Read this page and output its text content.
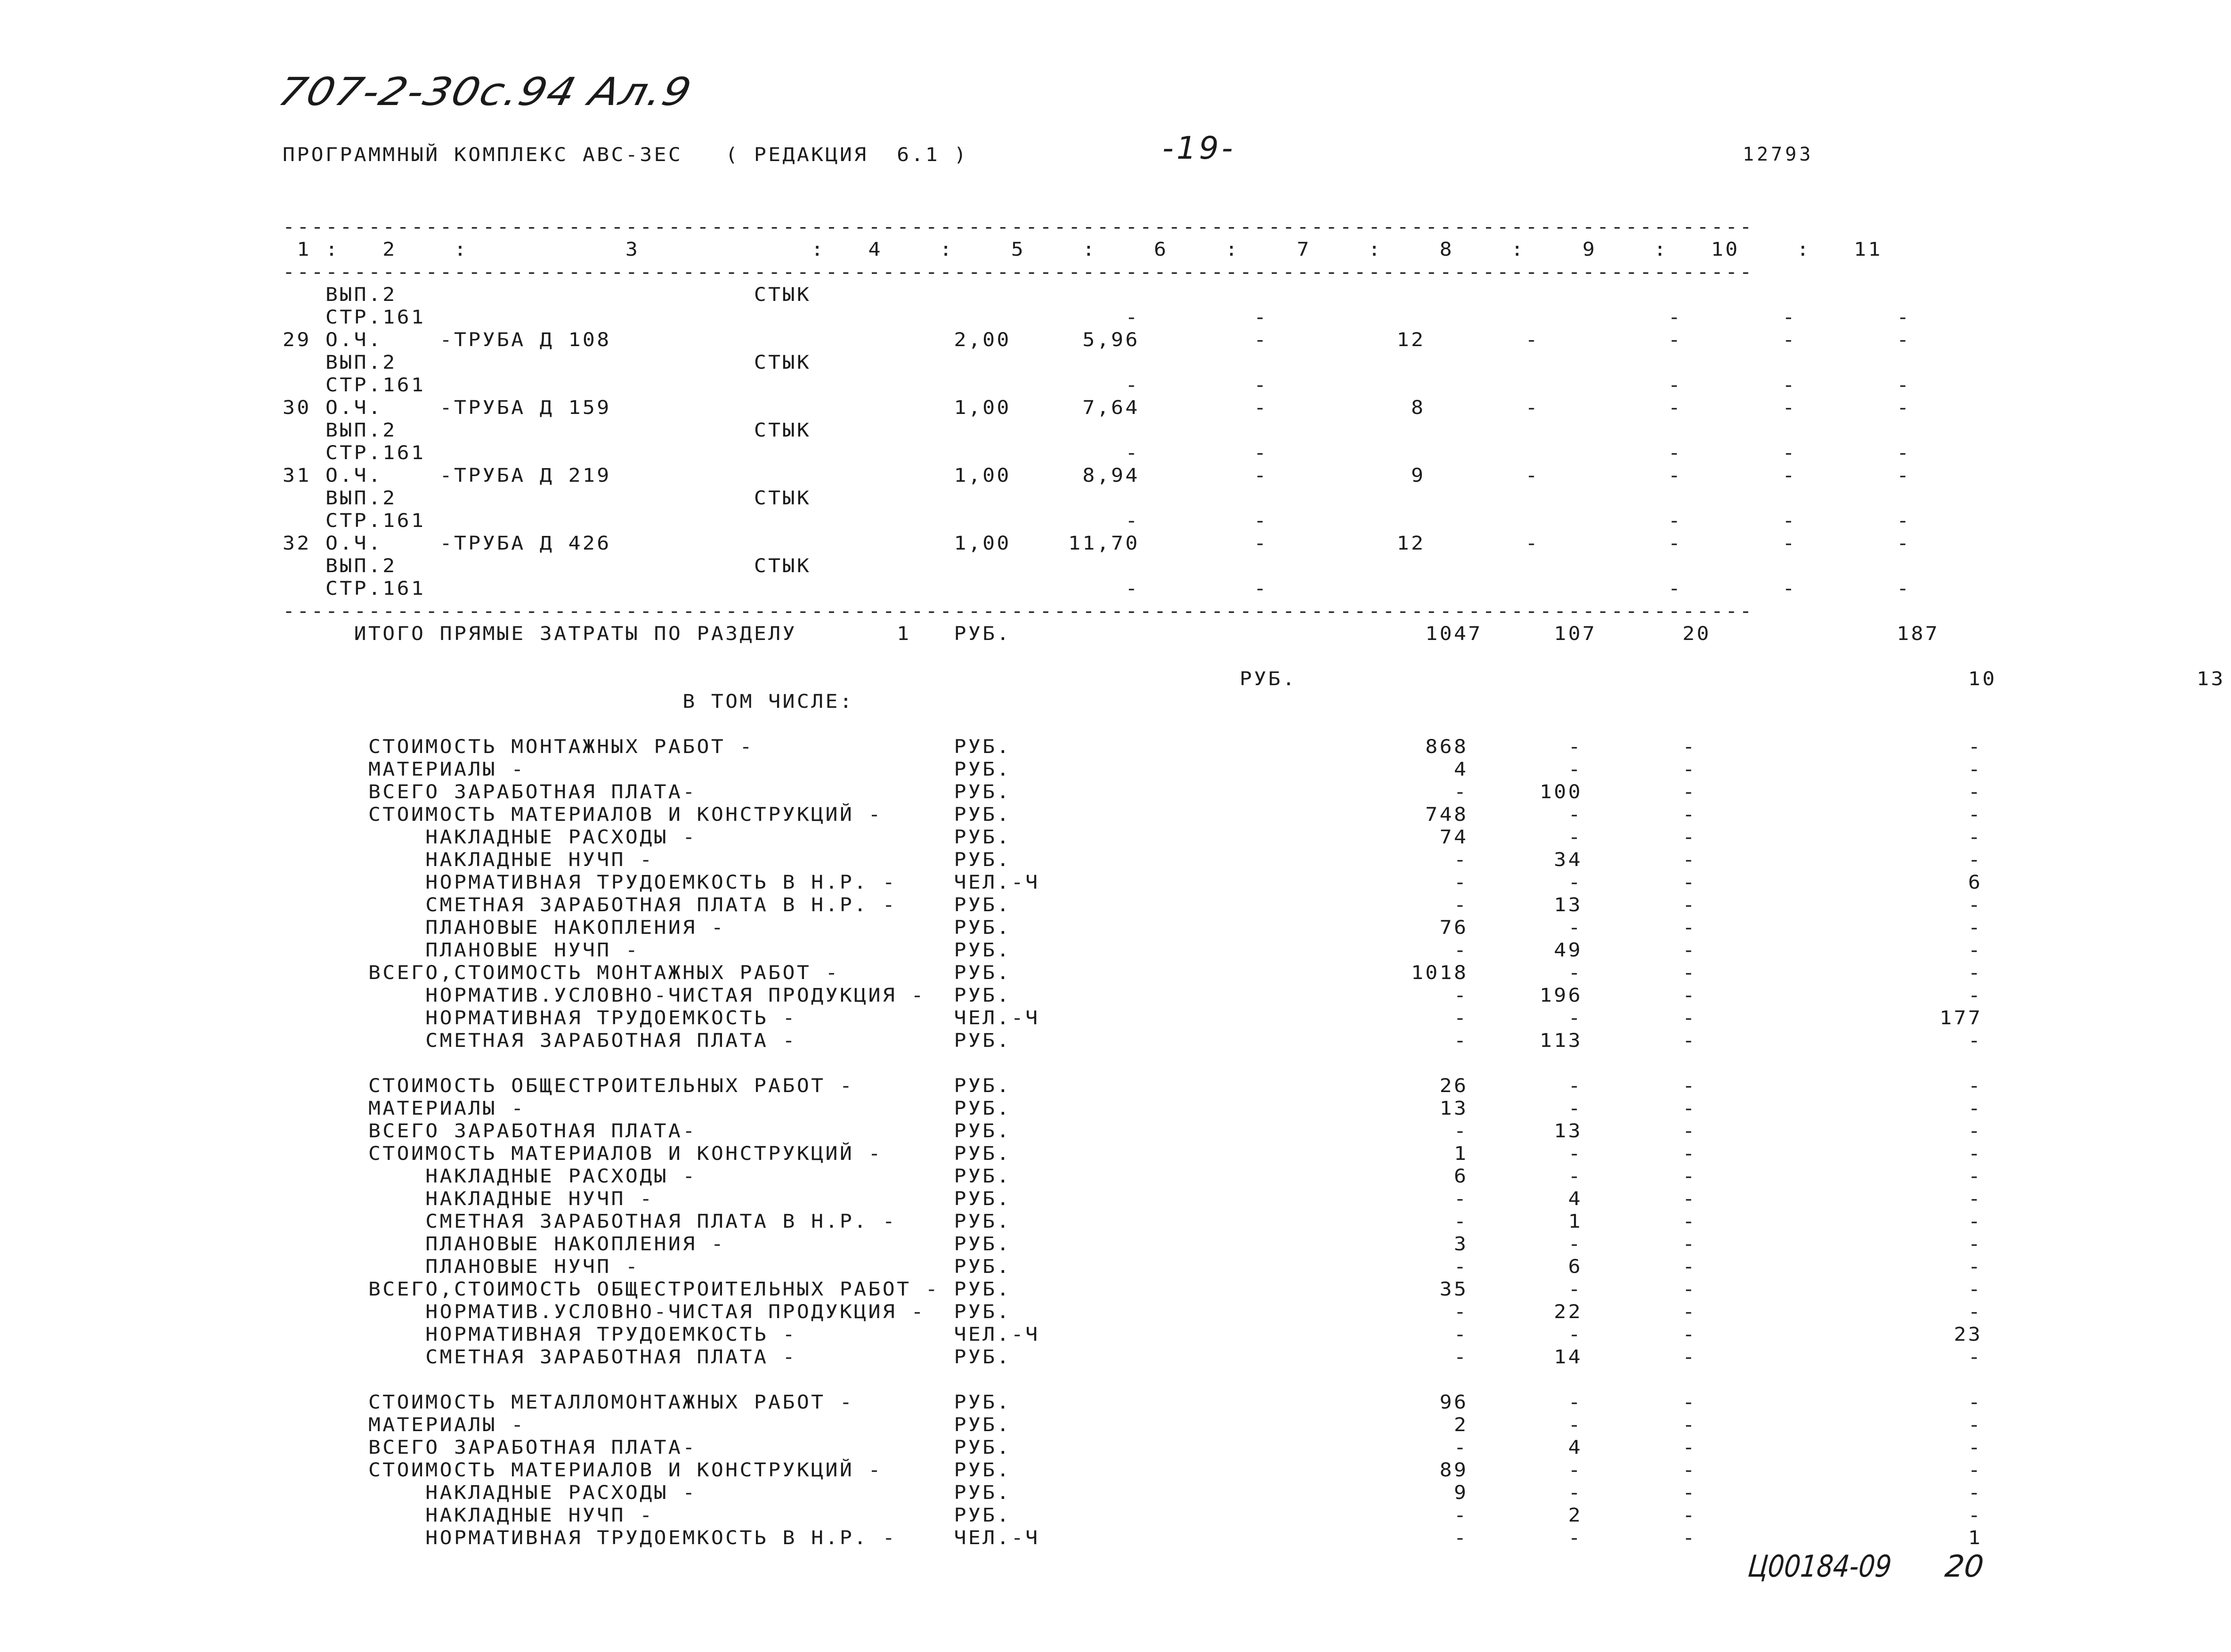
707-2-30с.94 Ал.9
ПРОГРАММНЫЙ КОМПЛЕКС АВС-3ЕС   ( РЕДАКЦИЯ  6.1 )	-19-	12793
-------------------------------------------------------------------------------------------------------
1 :   2    :           3            :   4    :    5    :    6    :    7    :    8    :    9    :   10    :   11
-------------------------------------------------------------------------------------------------------
ВЫП.2                         СТЫК
СТР.161                                                 -        -                            -       -       -
29 О.Ч.    -ТРУБА Д 108                        2,00     5,96        -         12       -         -       -       -
ВЫП.2                         СТЫК
СТР.161                                                 -        -                            -       -       -
30 О.Ч.    -ТРУБА Д 159                        1,00     7,64        -          8       -         -       -       -
ВЫП.2                         СТЫК
СТР.161                                                 -        -                            -       -       -
31 О.Ч.    -ТРУБА Д 219                        1,00     8,94        -          9       -         -       -       -
ВЫП.2                         СТЫК
СТР.161                                                 -        -                            -       -       -
32 О.Ч.    -ТРУБА Д 426                        1,00    11,70        -         12       -         -       -       -
ВЫП.2                         СТЫК
СТР.161                                                 -        -                            -       -       -
-------------------------------------------------------------------------------------------------------
ИТОГО ПРЯМЫЕ ЗАТРАТЫ ПО РАЗДЕЛУ       1   РУБ.                             1047     107      20             187

РУБ.                                               10              13
В ТОМ ЧИСЛЕ:

СТОИМОСТЬ МОНТАЖНЫХ РАБОТ -              РУБ.                             868       -       -                   -
МАТЕРИАЛЫ -                              РУБ.                               4       -       -                   -
ВСЕГО ЗАРАБОТНАЯ ПЛАТА-                  РУБ.                               -     100       -                   -
СТОИМОСТЬ МАТЕРИАЛОВ И КОНСТРУКЦИЙ -     РУБ.                             748       -       -                   -
НАКЛАДНЫЕ РАСХОДЫ -                  РУБ.                              74       -       -                   -
НАКЛАДНЫЕ НУЧП -                     РУБ.                               -      34       -                   -
НОРМАТИВНАЯ ТРУДОЕМКОСТЬ В Н.Р. -    ЧЕЛ.-Ч                             -       -       -                   6
СМЕТНАЯ ЗАРАБОТНАЯ ПЛАТА В Н.Р. -    РУБ.                               -      13       -                   -
ПЛАНОВЫЕ НАКОПЛЕНИЯ -                РУБ.                              76       -       -                   -
ПЛАНОВЫЕ НУЧП -                      РУБ.                               -      49       -                   -
ВСЕГО,СТОИМОСТЬ МОНТАЖНЫХ РАБОТ -        РУБ.                            1018       -       -                   -
НОРМАТИВ.УСЛОВНО-ЧИСТАЯ ПРОДУКЦИЯ -  РУБ.                               -     196       -                   -
НОРМАТИВНАЯ ТРУДОЕМКОСТЬ -           ЧЕЛ.-Ч                             -       -       -                 177
СМЕТНАЯ ЗАРАБОТНАЯ ПЛАТА -           РУБ.                               -     113       -                   -

СТОИМОСТЬ ОБЩЕСТРОИТЕЛЬНЫХ РАБОТ -       РУБ.                              26       -       -                   -
МАТЕРИАЛЫ -                              РУБ.                              13       -       -                   -
ВСЕГО ЗАРАБОТНАЯ ПЛАТА-                  РУБ.                               -      13       -                   -
СТОИМОСТЬ МАТЕРИАЛОВ И КОНСТРУКЦИЙ -     РУБ.                               1       -       -                   -
НАКЛАДНЫЕ РАСХОДЫ -                  РУБ.                               6       -       -                   -
НАКЛАДНЫЕ НУЧП -                     РУБ.                               -       4       -                   -
СМЕТНАЯ ЗАРАБОТНАЯ ПЛАТА В Н.Р. -    РУБ.                               -       1       -                   -
ПЛАНОВЫЕ НАКОПЛЕНИЯ -                РУБ.                               3       -       -                   -
ПЛАНОВЫЕ НУЧП -                      РУБ.                               -       6       -                   -
ВСЕГО,СТОИМОСТЬ ОБЩЕСТРОИТЕЛЬНЫХ РАБОТ - РУБ.                              35       -       -                   -
НОРМАТИВ.УСЛОВНО-ЧИСТАЯ ПРОДУКЦИЯ -  РУБ.                               -      22       -                   -
НОРМАТИВНАЯ ТРУДОЕМКОСТЬ -           ЧЕЛ.-Ч                             -       -       -                  23
СМЕТНАЯ ЗАРАБОТНАЯ ПЛАТА -           РУБ.                               -      14       -                   -

СТОИМОСТЬ МЕТАЛЛОМОНТАЖНЫХ РАБОТ -       РУБ.                              96       -       -                   -
МАТЕРИАЛЫ -                              РУБ.                               2       -       -                   -
ВСЕГО ЗАРАБОТНАЯ ПЛАТА-                  РУБ.                               -       4       -                   -
СТОИМОСТЬ МАТЕРИАЛОВ И КОНСТРУКЦИЙ -     РУБ.                              89       -       -                   -
НАКЛАДНЫЕ РАСХОДЫ -                  РУБ.                               9       -       -                   -
НАКЛАДНЫЕ НУЧП -                     РУБ.                               -       2       -                   -
НОРМАТИВНАЯ ТРУДОЕМКОСТЬ В Н.Р. -    ЧЕЛ.-Ч                             -       -       -                   1

Ц00184-09 20
